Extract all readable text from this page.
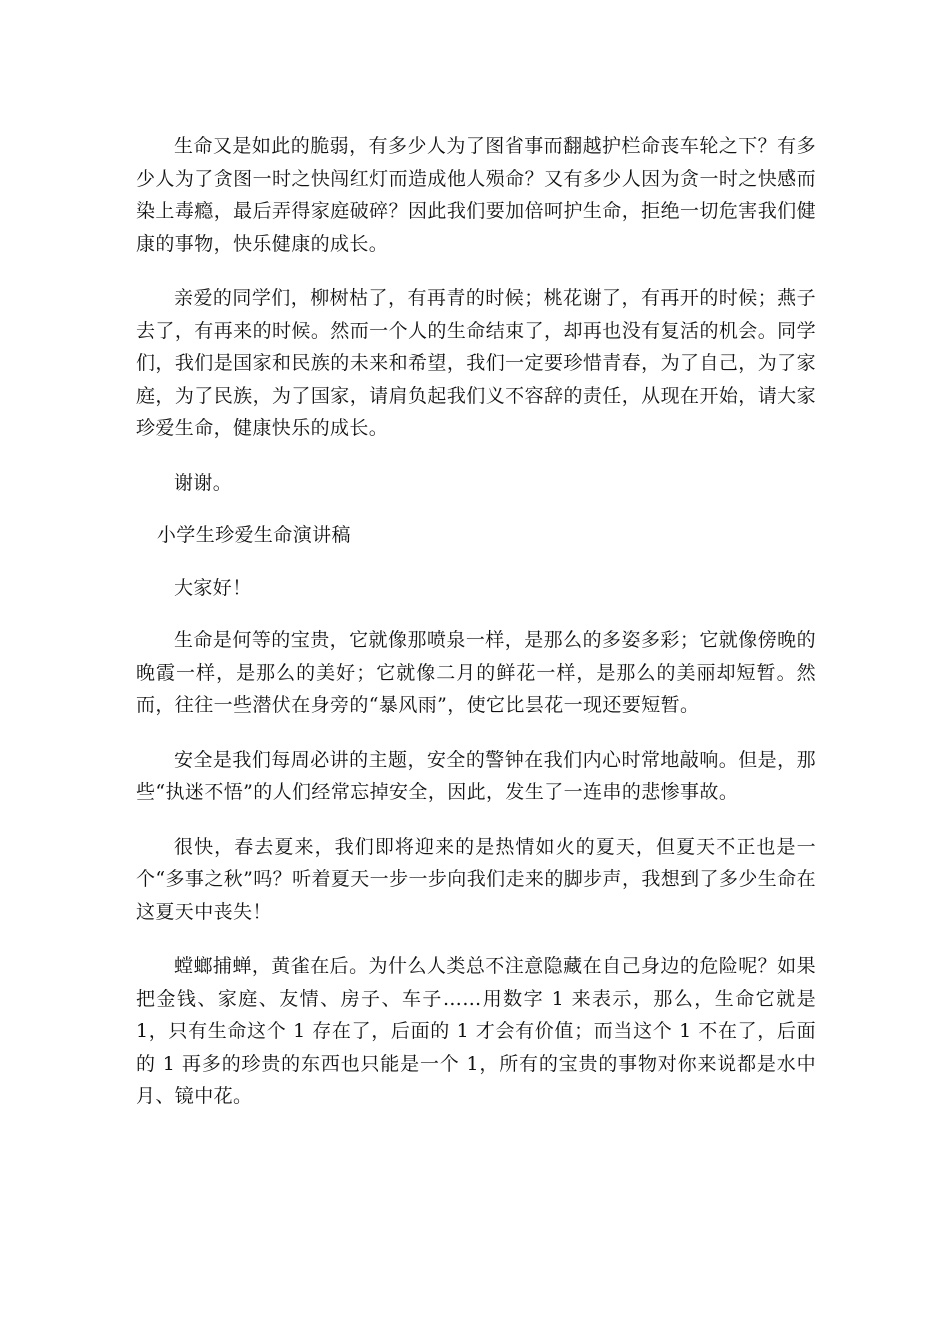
生命又是如此的脆弱，有多少人为了图省事而翻越护栏命丧车轮之下？有多少人为了贪图一时之快闯红灯而造成他人殒命？又有多少人因为贪一时之快感而染上毒瘾，最后弄得家庭破碎？因此我们要加倍呵护生命，拒绝一切危害我们健康的事物，快乐健康的成长。

亲爱的同学们，柳树枯了，有再青的时候；桃花谢了，有再开的时候；燕子去了，有再来的时候。然而一个人的生命结束了，却再也没有复活的机会。同学们，我们是国家和民族的未来和希望，我们一定要珍惜青春，为了自己，为了家庭，为了民族，为了国家，请肩负起我们义不容辞的责任，从现在开始，请大家珍爱生命，健康快乐的成长。

谢谢。

小学生珍爱生命演讲稿

大家好！

生命是何等的宝贵，它就像那喷泉一样，是那么的多姿多彩；它就像傍晚的晚霞一样，是那么的美好；它就像二月的鲜花一样，是那么的美丽却短暂。然而，往往一些潜伏在身旁的“暴风雨”，使它比昙花一现还要短暂。

安全是我们每周必讲的主题，安全的警钟在我们内心时常地敲响。但是，那些“执迷不悟”的人们经常忘掉安全，因此，发生了一连串的悲惨事故。

很快，春去夏来，我们即将迎来的是热情如火的夏天，但夏天不正也是一个“多事之秋”吗？听着夏天一步一步向我们走来的脚步声，我想到了多少生命在这夏天中丧失！

螳螂捕蝉，黄雀在后。为什么人类总不注意隐藏在自己身边的危险呢？如果把金钱、家庭、友情、房子、车子……用数字 1 来表示，那么，生命它就是 1，只有生命这个 1 存在了，后面的 1 才会有价值；而当这个 1 不在了，后面的 1 再多的珍贵的东西也只能是一个 1，所有的宝贵的事物对你来说都是水中月、镜中花。
